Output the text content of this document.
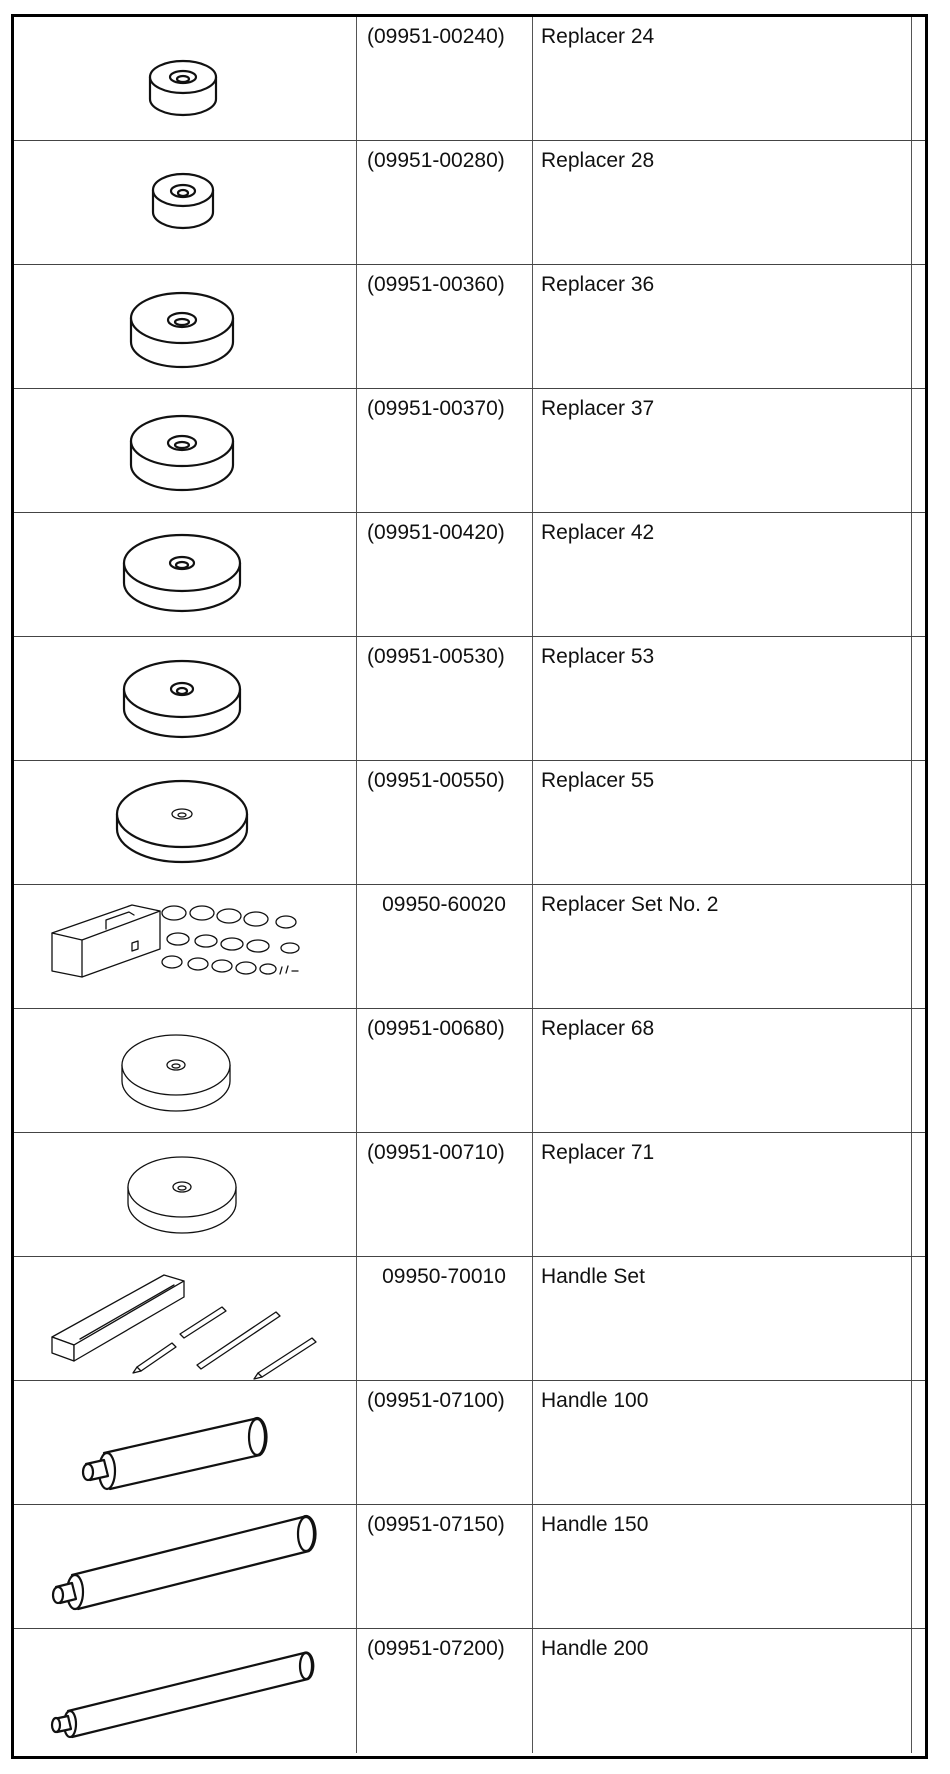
(09951-00240)	Replacer 24
(09951-00280)	Replacer 28
(09951-00360)	Replacer 36
(09951-00370)	Replacer 37
(09951-00420)	Replacer 42
(09951-00530)	Replacer 53
(09951-00550)	Replacer 55
09950-60020	Replacer Set No. 2
(09951-00680)	Replacer 68
(09951-00710)	Replacer 71
09950-70010	Handle Set
(09951-07100)	Handle 100
(09951-07150)	Handle 150
(09951-07200)	Handle 200
